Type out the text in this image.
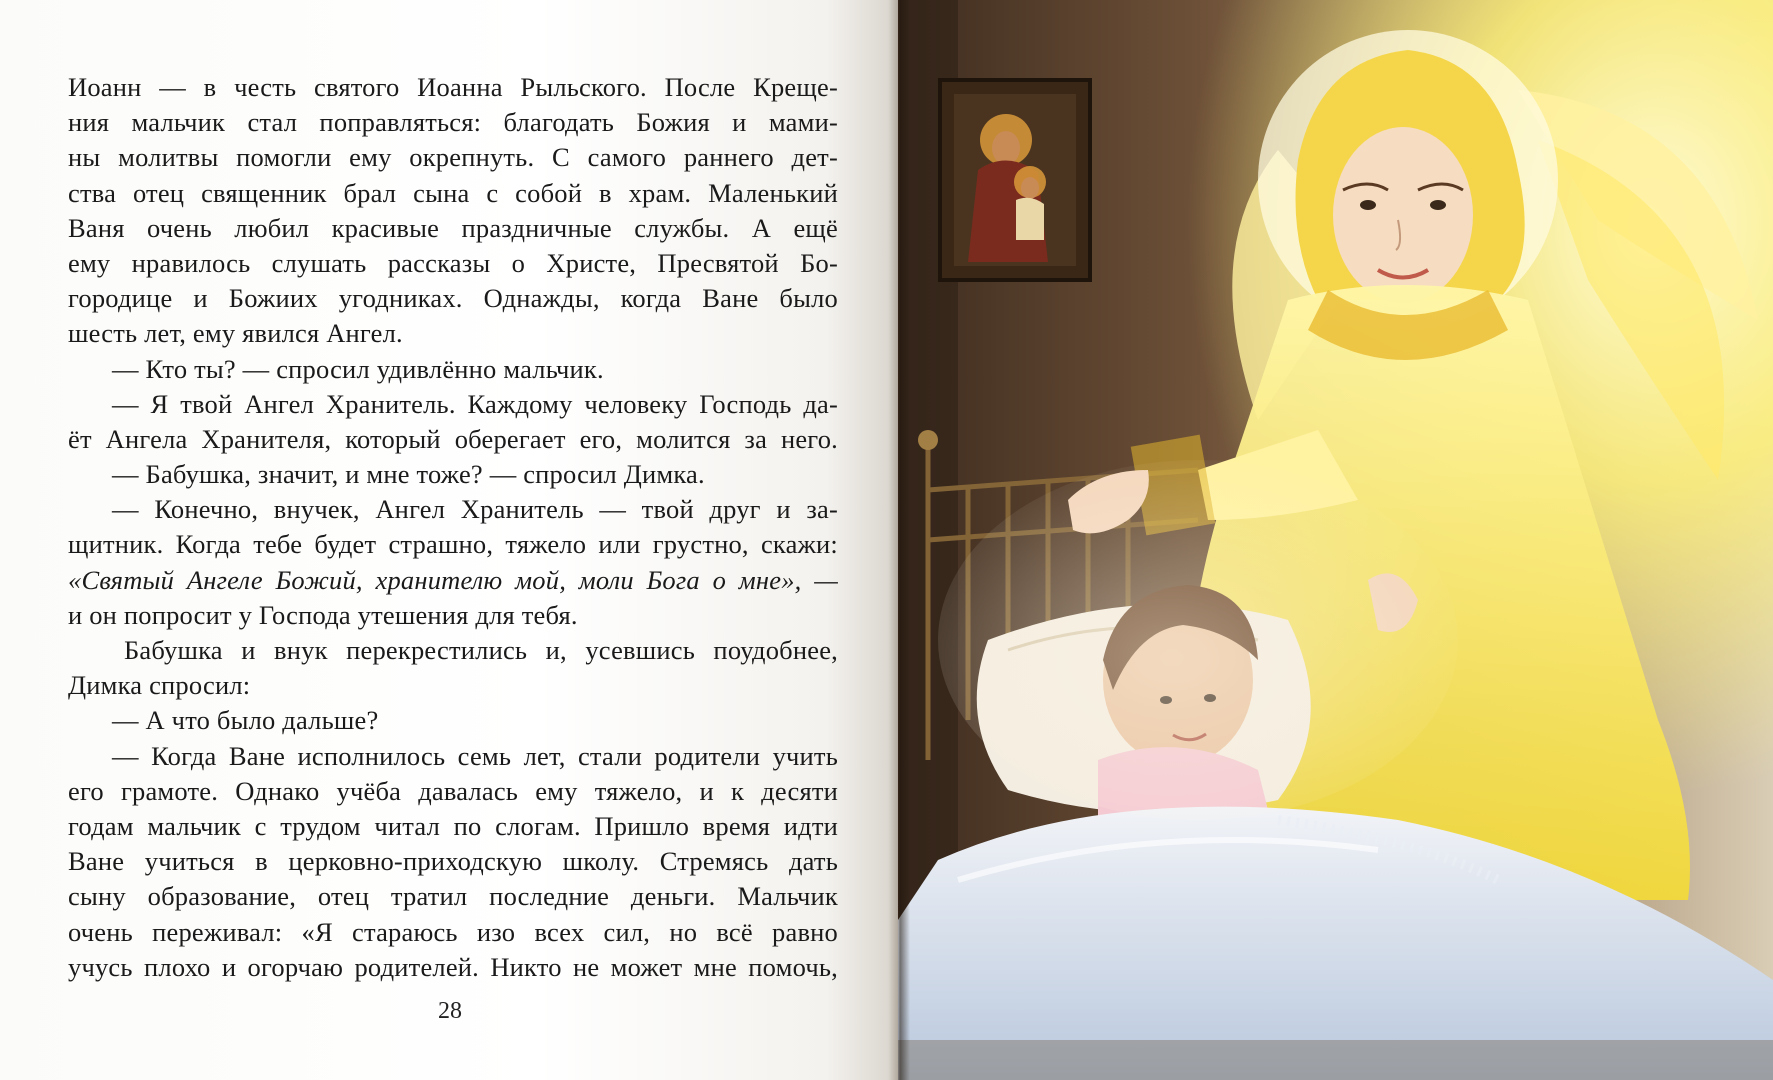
Иоанн — в честь святого Иоанна Рыльского. После Креще-
ния мальчик стал поправляться: благодать Божия и мами-
ны молитвы помогли ему окрепнуть. С самого раннего дет-
ства отец священник брал сына с собой в храм. Маленький
Ваня очень любил красивые праздничные службы. А ещё
ему нравилось слушать рассказы о Христе, Пресвятой Бо-
городице и Божиих угодниках. Однажды, когда Ване было
шесть лет, ему явился Ангел.
— Кто ты? — спросил удивлённо мальчик.
— Я твой Ангел Хранитель. Каждому человеку Господь да-
ёт Ангела Хранителя, который оберегает его, молится за него.
— Бабушка, значит, и мне тоже? — спросил Димка.
— Конечно, внучек, Ангел Хранитель — твой друг и за-
щитник. Когда тебе будет страшно, тяжело или грустно, скажи:
«Святый Ангеле Божий, хранителю мой, моли Бога о мне», —
и он попросит у Господа утешения для тебя.
Бабушка и внук перекрестились и, усевшись поудобнее,
Димка спросил:
— А что было дальше?
— Когда Ване исполнилось семь лет, стали родители учить
его грамоте. Однако учёба давалась ему тяжело, и к десяти
годам мальчик с трудом читал по слогам. Пришло время идти
Ване учиться в церковно-приходскую школу. Стремясь дать
сыну образование, отец тратил последние деньги. Мальчик
очень переживал: «Я стараюсь изо всех сил, но всё равно
учусь плохо и огорчаю родителей. Никто не может мне помочь,
28
